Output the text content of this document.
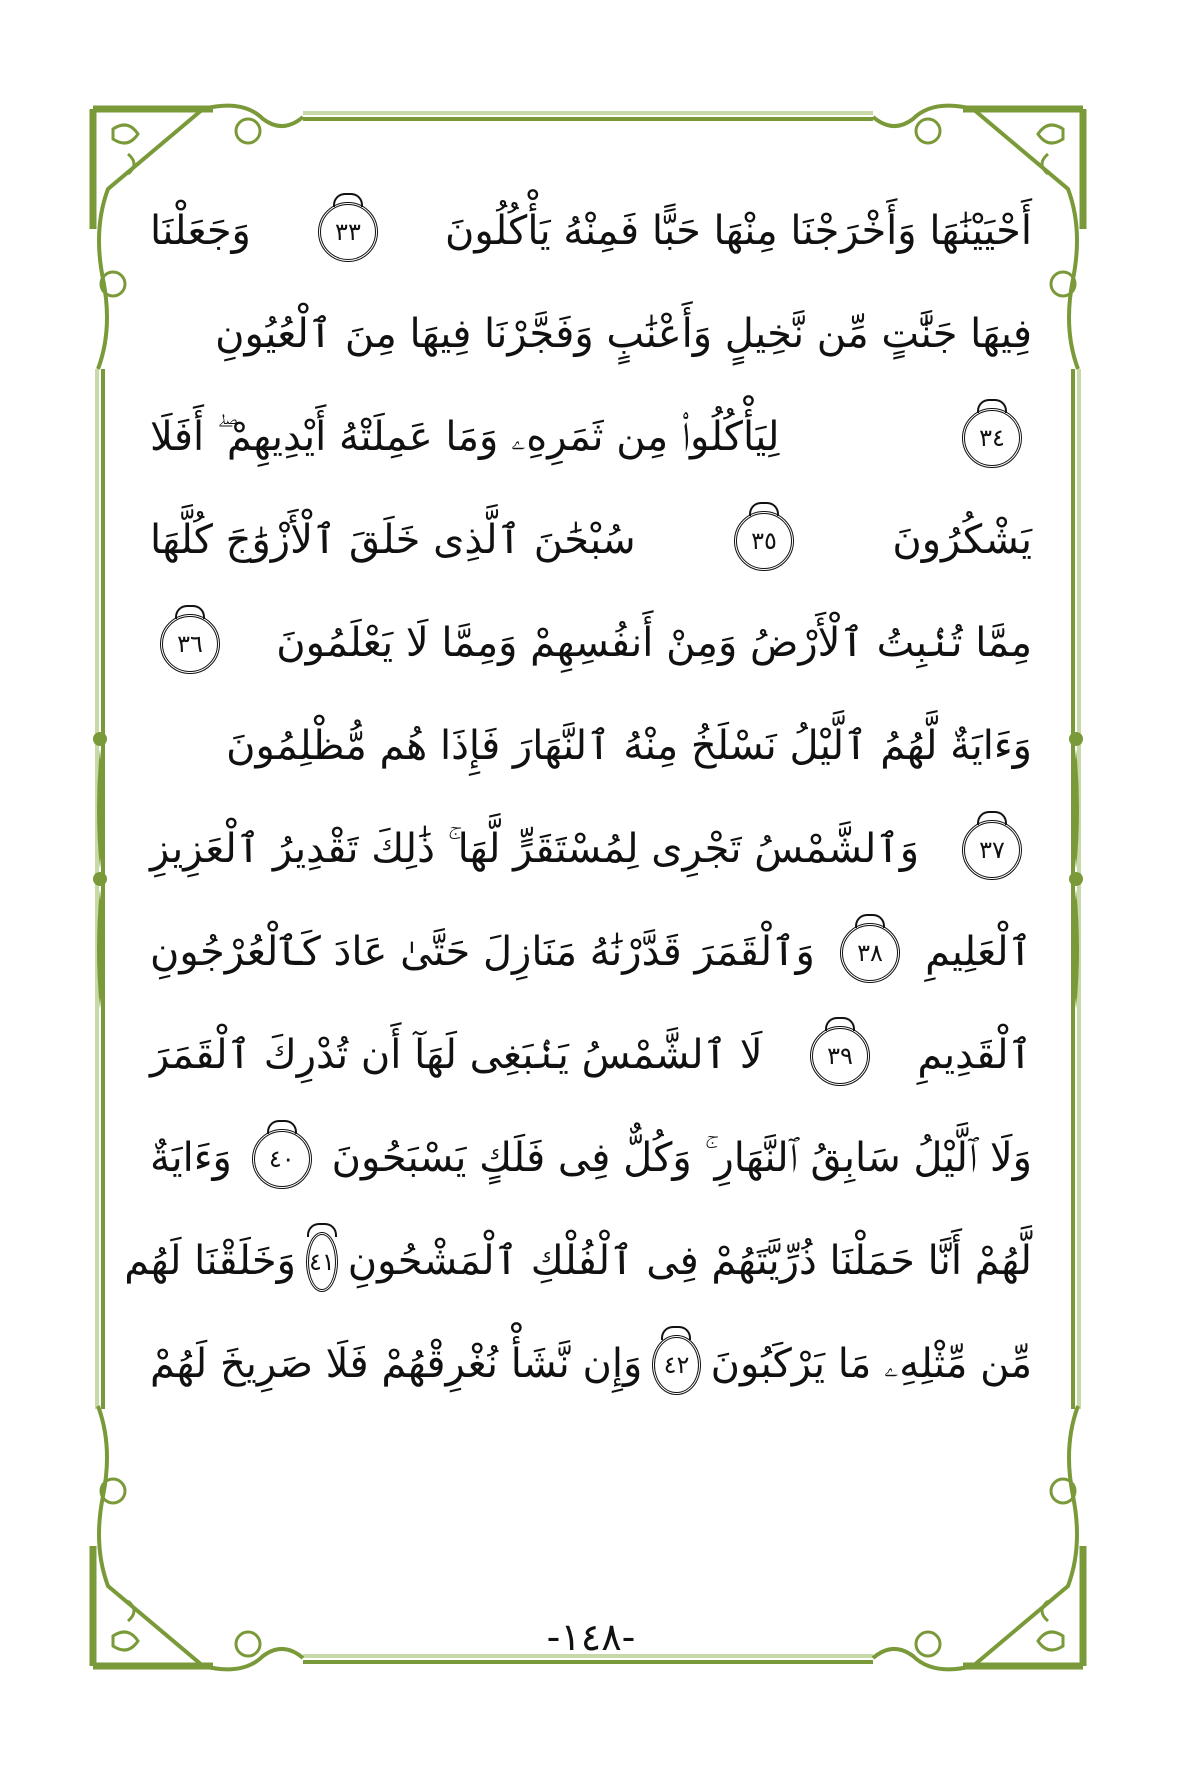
أَحْيَيْنَٰهَا وَأَخْرَجْنَا مِنْهَا حَبًّا فَمِنْهُ يَأْكُلُونَ
٣٣
وَجَعَلْنَا
فِيهَا جَنَّٰتٍ مِّن نَّخِيلٍ وَأَعْنَٰبٍ وَفَجَّرْنَا فِيهَا مِنَ ٱلْعُيُونِ
٣٤
لِيَأْكُلُوا۟ مِن ثَمَرِهِۦ وَمَا عَمِلَتْهُ أَيْدِيهِمْ ۖ أَفَلَا
يَشْكُرُونَ
٣٥
سُبْحَٰنَ ٱلَّذِى خَلَقَ ٱلْأَزْوَٰجَ كُلَّهَا
مِمَّا تُنۢبِتُ ٱلْأَرْضُ وَمِنْ أَنفُسِهِمْ وَمِمَّا لَا يَعْلَمُونَ
٣٦
وَءَايَةٌ لَّهُمُ ٱلَّيْلُ نَسْلَخُ مِنْهُ ٱلنَّهَارَ فَإِذَا هُم مُّظْلِمُونَ
٣٧
وَٱلشَّمْسُ تَجْرِى لِمُسْتَقَرٍّ لَّهَا ۚ ذَٰلِكَ تَقْدِيرُ ٱلْعَزِيزِ
ٱلْعَلِيمِ
٣٨
وَٱلْقَمَرَ قَدَّرْنَٰهُ مَنَازِلَ حَتَّىٰ عَادَ كَٱلْعُرْجُونِ
ٱلْقَدِيمِ
٣٩
لَا ٱلشَّمْسُ يَنۢبَغِى لَهَآ أَن تُدْرِكَ ٱلْقَمَرَ
وَلَا ٱلَّيْلُ سَابِقُ ٱلنَّهَارِ ۚ وَكُلٌّ فِى فَلَكٍ يَسْبَحُونَ
٤٠
وَءَايَةٌ
لَّهُمْ أَنَّا حَمَلْنَا ذُرِّيَّتَهُمْ فِى ٱلْفُلْكِ ٱلْمَشْحُونِ
٤١
وَخَلَقْنَا لَهُم
مِّن مِّثْلِهِۦ مَا يَرْكَبُونَ
٤٢
وَإِن نَّشَأْ نُغْرِقْهُمْ فَلَا صَرِيخَ لَهُمْ
-١٤٨-
